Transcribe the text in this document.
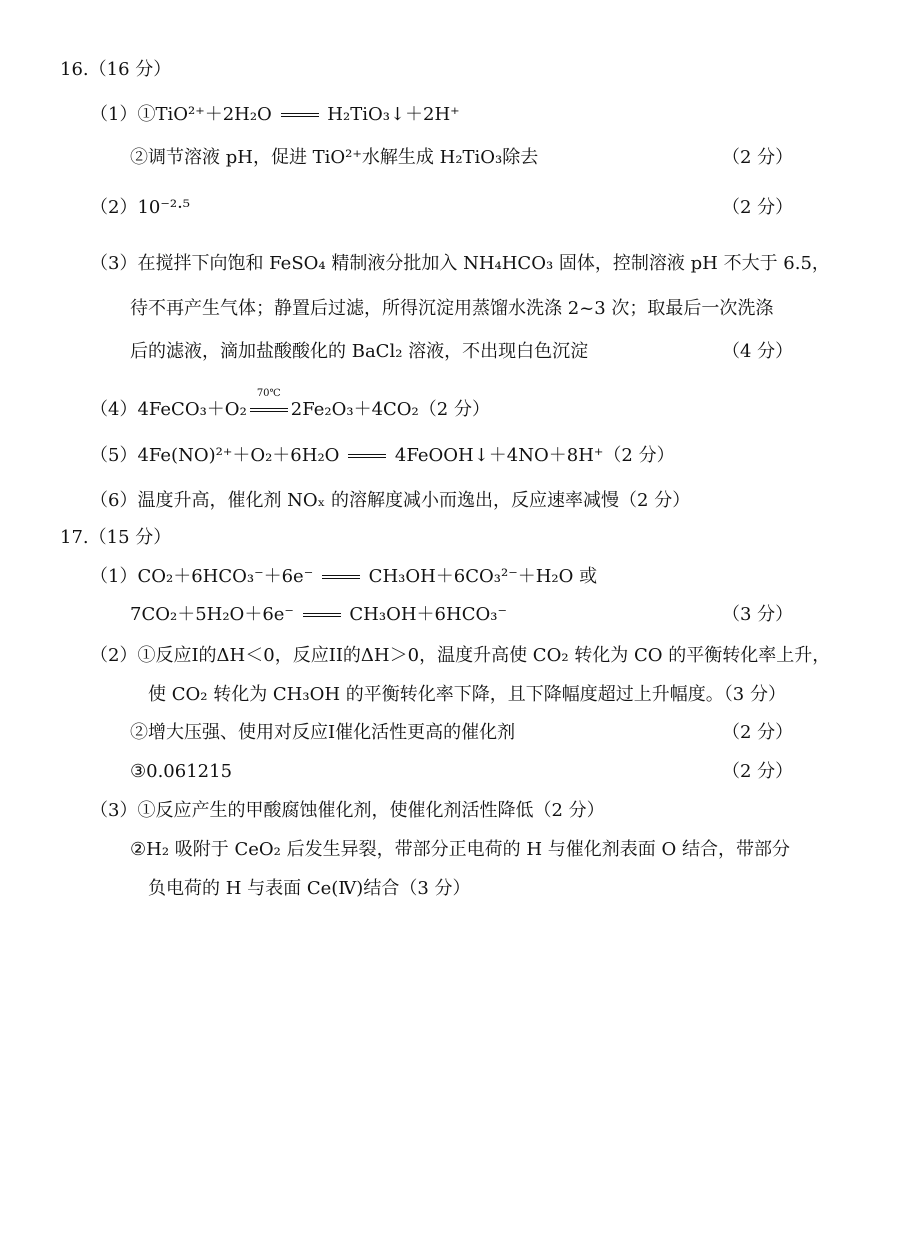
16.（16 分）
（1）①TiO²⁺＋2H₂O	H₂TiO₃↓＋2H⁺
②调节溶液 pH，促进 TiO²⁺水解生成 H₂TiO₃除去	（2 分）
（2）10⁻²·⁵	（2 分）
（3）在搅拌下向饱和 FeSO₄ 精制液分批加入 NH₄HCO₃ 固体，控制溶液 pH 不大于 6.5，
待不再产生气体；静置后过滤，所得沉淀用蒸馏水洗涤 2~3 次；取最后一次洗涤
后的滤液，滴加盐酸酸化的 BaCl₂ 溶液，不出现白色沉淀	（4 分）
（4）4FeCO₃＋O₂
70℃
2Fe₂O₃＋4CO₂（2 分）
（5）4Fe(NO)²⁺＋O₂＋6H₂O	4FeOOH↓＋4NO＋8H⁺（2 分）
（6）温度升高，催化剂 NOₓ 的溶解度减小而逸出，反应速率减慢（2 分）
17.（15 分）
（1）CO₂＋6HCO₃⁻＋6e⁻	CH₃OH＋6CO₃²⁻＋H₂O 或
7CO₂＋5H₂O＋6e⁻	CH₃OH＋6HCO₃⁻	（3 分）
（2）①反应I的ΔH＜0，反应II的ΔH＞0，温度升高使 CO₂ 转化为 CO 的平衡转化率上升，
使 CO₂ 转化为 CH₃OH 的平衡转化率下降，且下降幅度超过上升幅度。（3 分）
②增大压强、使用对反应I催化活性更高的催化剂	（2 分）
③0.061215	（2 分）
（3）①反应产生的甲酸腐蚀催化剂，使催化剂活性降低（2 分）
②H₂ 吸附于 CeO₂ 后发生异裂，带部分正电荷的 H 与催化剂表面 O 结合，带部分
负电荷的 H 与表面 Ce(Ⅳ)结合（3 分）
